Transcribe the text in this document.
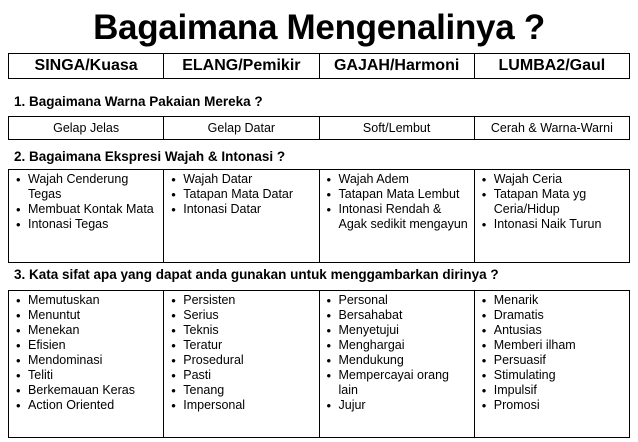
Bagaimana Mengenalinya ?
SINGA/Kuasa	ELANG/Pemikir	GAJAH/Harmoni	LUMBA2/Gaul
1. Bagaimana Warna Pakaian Mereka ?
Gelap Jelas	Gelap Datar	Soft/Lembut	Cerah & Warna-Warni
2. Bagaimana Ekspresi Wajah & Intonasi ?
• Wajah Cenderung Tegas
• Membuat Kontak Mata
• Intonasi Tegas

• Wajah Datar
• Tatapan Mata Datar
• Intonasi Datar

• Wajah Adem
• Tatapan Mata Lembut
• Intonasi Rendah & Agak sedikit mengayun

• Wajah Ceria
• Tatapan Mata yg Ceria/Hidup
• Intonasi Naik Turun
3. Kata sifat apa yang dapat anda gunakan untuk menggambarkan dirinya ?
• Memutuskan
• Menuntut
• Menekan
• Efisien
• Mendominasi
• Teliti
• Berkemauan Keras
• Action Oriented

• Persisten
• Serius
• Teknis
• Teratur
• Prosedural
• Pasti
• Tenang
• Impersonal

• Personal
• Bersahabat
• Menyetujui
• Menghargai
• Mendukung
• Mempercayai orang lain
• Jujur

• Menarik
• Dramatis
• Antusias
• Memberi ilham
• Persuasif
• Stimulating
• Impulsif
• Promosi
